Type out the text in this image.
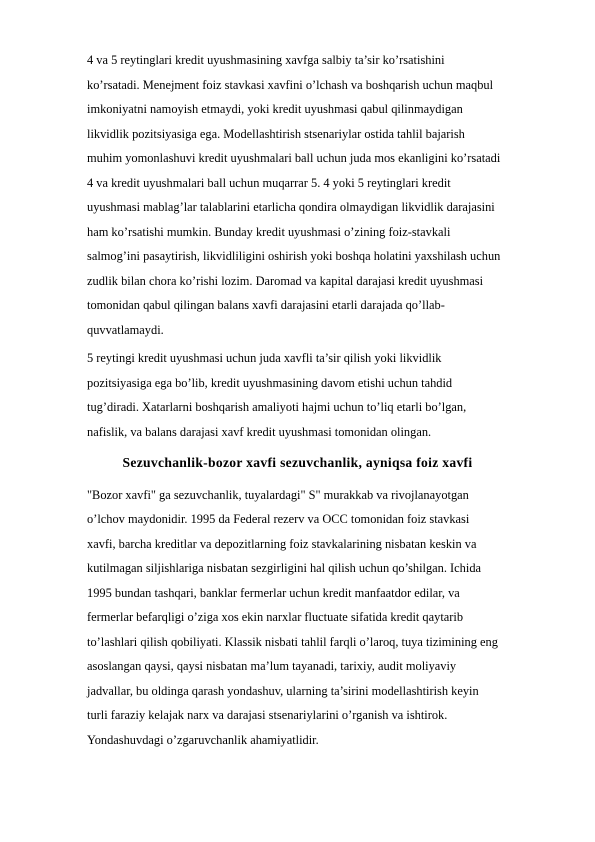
4 va 5 reytinglari kredit uyushmasining xavfga salbiy ta’sir ko’rsatishini
ko’rsatadi. Menejment foiz stavkasi xavfini o’lchash va boshqarish uchun maqbul
imkoniyatni namoyish etmaydi, yoki kredit uyushmasi qabul qilinmaydigan
likvidlik pozitsiyasiga ega. Modellashtirish stsenariylar ostida tahlil bajarish
muhim yomonlashuvi kredit uyushmalari ball uchun juda mos ekanligini ko’rsatadi
4 va kredit uyushmalari ball uchun muqarrar 5. 4 yoki 5 reytinglari kredit
uyushmasi mablag’lar talablarini etarlicha qondira olmaydigan likvidlik darajasini
ham ko’rsatishi mumkin. Bunday kredit uyushmasi o’zining foiz-stavkali
salmog’ini pasaytirish, likvidliligini oshirish yoki boshqa holatini yaxshilash uchun
zudlik bilan chora ko’rishi lozim. Daromad va kapital darajasi kredit uyushmasi
tomonidan qabul qilingan balans xavfi darajasini etarli darajada qo’llab-
quvvatlamaydi.
5 reytingi kredit uyushmasi uchun juda xavfli ta’sir qilish yoki likvidlik
pozitsiyasiga ega bo’lib, kredit uyushmasining davom etishi uchun tahdid
tug’diradi. Xatarlarni boshqarish amaliyoti hajmi uchun to’liq etarli bo’lgan,
nafislik, va balans darajasi xavf kredit uyushmasi tomonidan olingan.
Sezuvchanlik-bozor xavfi sezuvchanlik, ayniqsa foiz xavfi
"Bozor xavfi" ga sezuvchanlik, tuyalardagi" S" murakkab va rivojlanayotgan
o’lchov maydonidir. 1995 da Federal rezerv va OCC tomonidan foiz stavkasi
xavfi, barcha kreditlar va depozitlarning foiz stavkalarining nisbatan keskin va
kutilmagan siljishlariga nisbatan sezgirligini hal qilish uchun qo’shilgan. Ichida
1995 bundan tashqari, banklar fermerlar uchun kredit manfaatdor edilar, va
fermerlar befarqligi o’ziga xos ekin narxlar fluctuate sifatida kredit qaytarib
to’lashlari qilish qobiliyati. Klassik nisbati tahlil farqli o’laroq, tuya tizimining eng
asoslangan qaysi, qaysi nisbatan ma’lum tayanadi, tarixiy, audit moliyaviy
jadvallar, bu oldinga qarash yondashuv, ularning ta’sirini modellashtirish keyin
turli faraziy kelajak narx va darajasi stsenariylarini o’rganish va ishtirok.
Yondashuvdagi o’zgaruvchanlik ahamiyatlidir.
